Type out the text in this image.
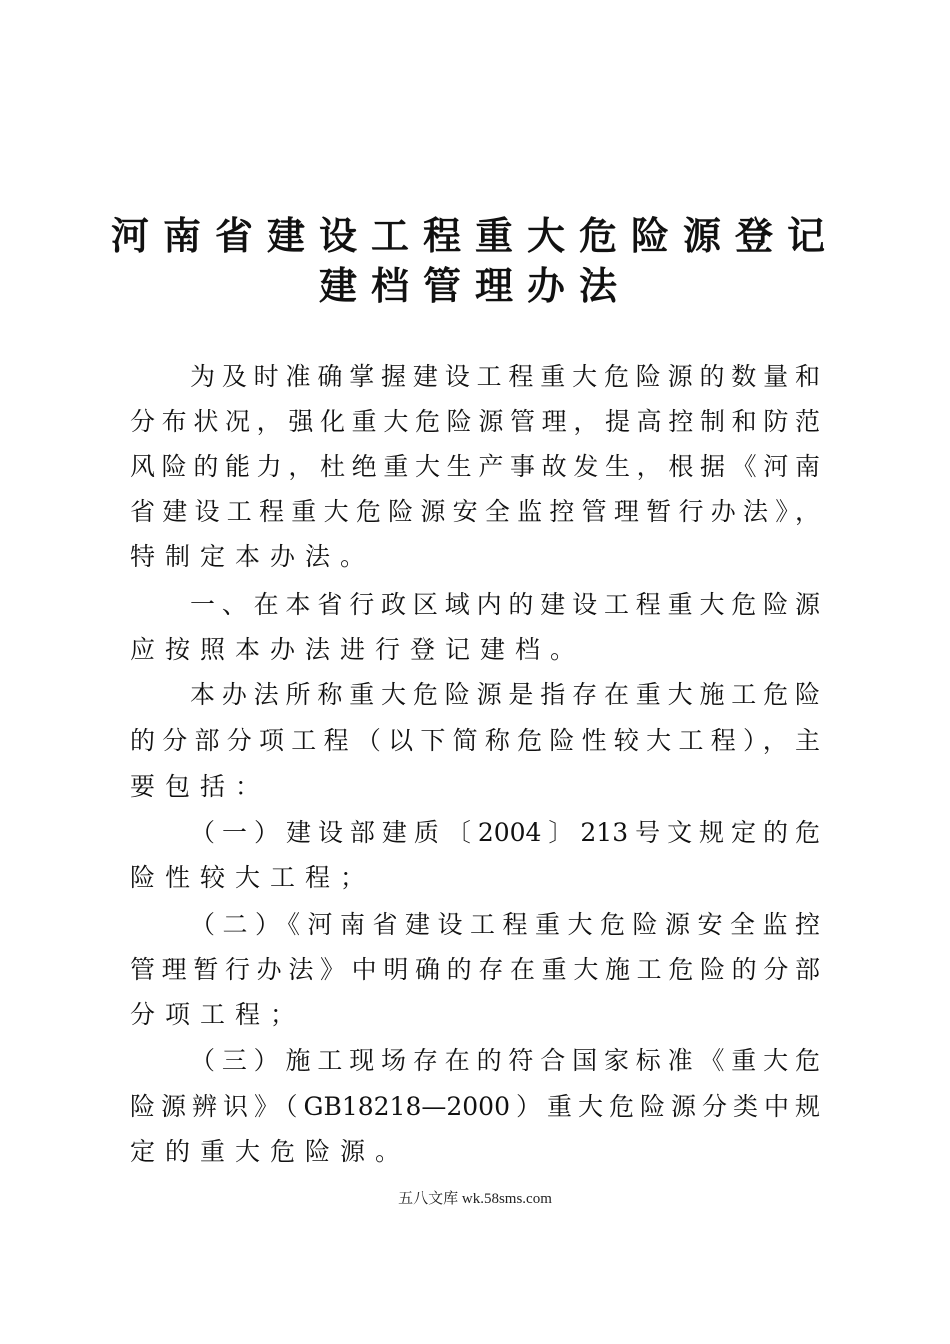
河南省建设工程重大危险源登记
建档管理办法

为及时准确掌握建设工程重大危险源的数量和

分布状况，强化重大危险源管理，提高控制和防范

风险的能力，杜绝重大生产事故发生，根据《河南

省建设工程重大危险源安全监控管理暂行办法》，

特制定本办法。

一、在本省行政区域内的建设工程重大危险源

应按照本办法进行登记建档。

本办法所称重大危险源是指存在重大施工危险

的分部分项工程（以下简称危险性较大工程），主

要包括：

（一）建设部建质〔2004〕213号文规定的危

险性较大工程；

（二）《河南省建设工程重大危险源安全监控

管理暂行办法》中明确的存在重大施工危险的分部

分项工程；

（三）施工现场存在的符合国家标准《重大危

险源辨识》（GB18218—2000）重大危险源分类中规

定的重大危险源。

五八文库 wk.58sms.com
